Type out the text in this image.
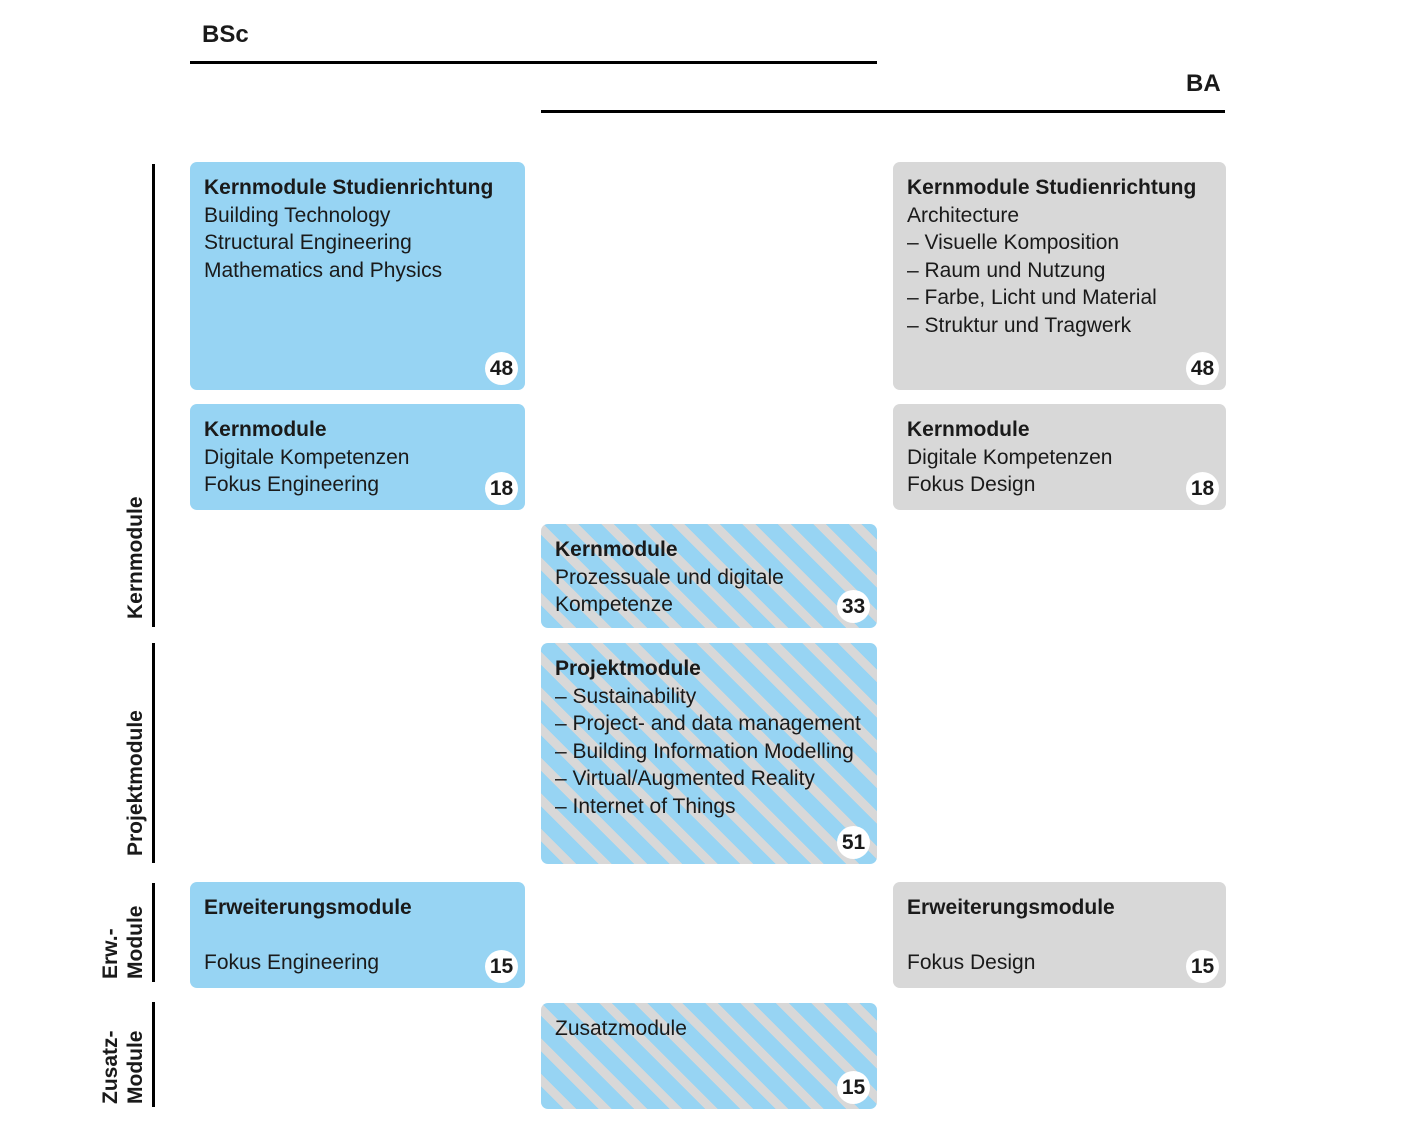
BSc
BA
Kernmodule
Projektmodule
Erw.- Module
Zusatz- Module
Kernmodule Studienrichtung
Building Technology
Structural Engineering
Mathematics and Physics
48
Kernmodule
Digitale Kompetenzen
Fokus Engineering	18
Erweiterungsmodule
Fokus Engineering	15
Kernmodule
Prozessuale und digitale
Kompetenze	33
Projektmodule
– Sustainability
– Project- and data management
– Building Information Modelling
– Virtual/Augmented Reality
– Internet of Things
51
Zusatzmodule
15
Kernmodule Studienrichtung
Architecture
– Visuelle Komposition
– Raum und Nutzung
– Farbe, Licht und Material
– Struktur und Tragwerk
48
Kernmodule
Digitale Kompetenzen
Fokus Design	18
Erweiterungsmodule
Fokus Design	15
